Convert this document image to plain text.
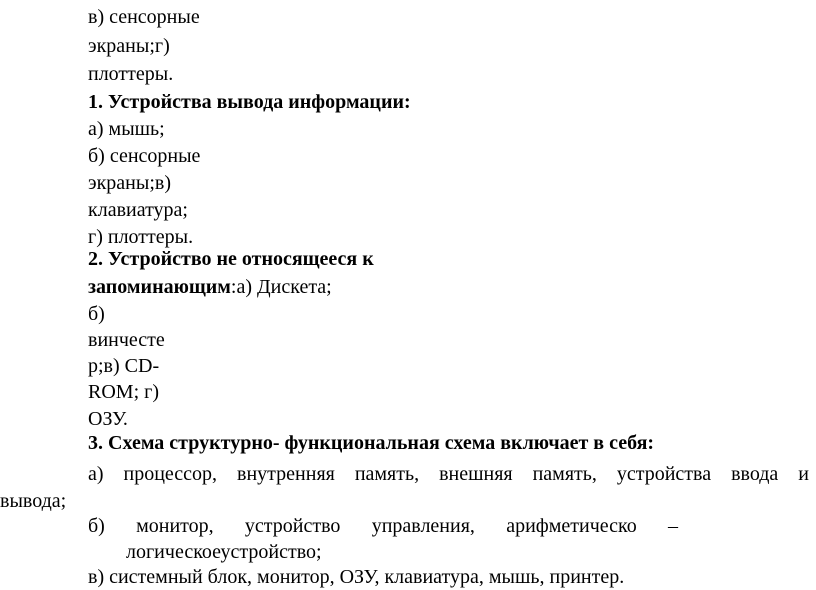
в) сенсорные
экраны;г)
плоттеры.
1. Устройства вывода информации:
а) мышь;
б) сенсорные
экраны;в)
клавиатура;
г) плоттеры.
2. Устройство не относящееся к
запоминающим:а) Дискета;
б)
винчесте
р;в) CD-
ROM; г)
ОЗУ.
3. Схема структурно- функциональная схема включает в себя:
а) процессор, внутренняя память, внешняя память, устройства ввода и
вывода;
б) монитор, устройство управления, арифметическо –
логическоеустройство;
в) системный блок, монитор, ОЗУ, клавиатура, мышь, принтер.
